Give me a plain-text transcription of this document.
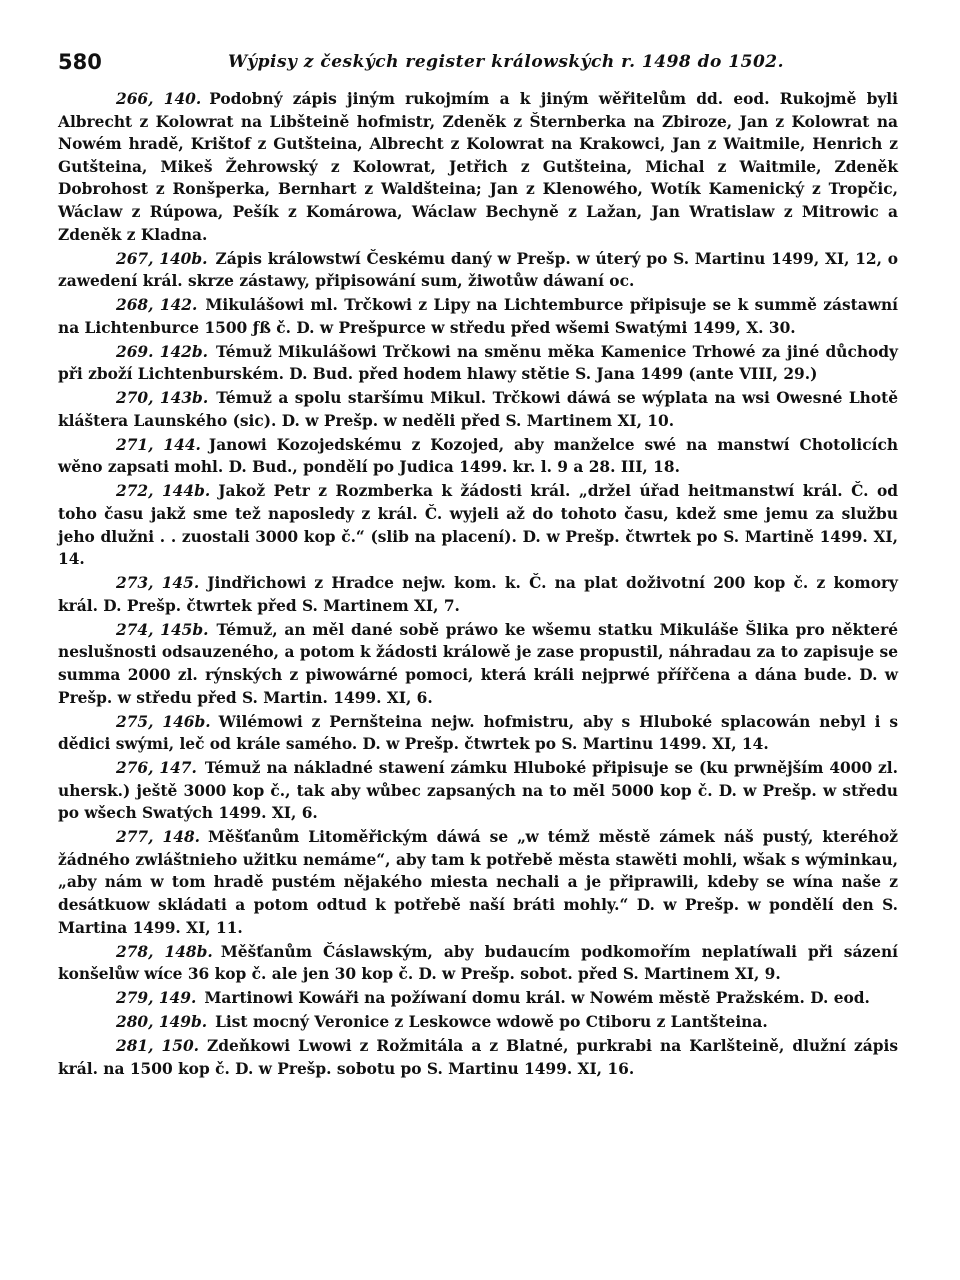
580	Wýpisy z českých register králowských r. 1498 do 1502.

266, 140. Podobný zápis jiným rukojmím a k jiným wěřitelům dd. eod. Rukojmě byli Albrecht z Kolowrat na Libšteině hofmistr, Zdeněk z Šternberka na Zbiroze, Jan z Kolowrat na Nowém hradě, Krištof z Gutšteina, Albrecht z Kolowrat na Krakowci, Jan z Waitmile, Henrich z Gutšteina, Mikeš Žehrowský z Kolowrat, Jetřich z Gutšteina, Michal z Waitmile, Zdeněk Dobrohost z Ronšperka, Bernhart z Waldšteina; Jan z Klenowého, Wotík Kamenický z Tropčic, Wáclaw z Rúpowa, Pešík z Komárowa, Wáclaw Bechyně z Lažan, Jan Wratislaw z Mitrowic a Zdeněk z Kladna.

267, 140b. Zápis králowstwí Českému daný w Prešp. w úterý po S. Martinu 1499, XI, 12, o zawedení král. skrze zástawy, připisowání sum, žiwotůw dáwaní oc.

268, 142. Mikulášowi ml. Trčkowi z Lipy na Lichtemburce připisuje se k summě zástawní na Lichtenburce 1500 ƒß č. D. w Prešpurce w středu před wšemi Swatými 1499, X. 30.

269. 142b. Témuž Mikulášowi Trčkowi na směnu měka Kamenice Trhowé za jiné důchody při zboží Lichtenburském. D. Bud. před hodem hlawy stětie S. Jana 1499 (ante VIII, 29.)

270, 143b. Témuž a spolu staršímu Mikul. Trčkowi dáwá se wýplata na wsi Owesné Lhotě kláštera Launského (sic). D. w Prešp. w neděli před S. Martinem XI, 10.

271, 144. Janowi Kozojedskému z Kozojed, aby manželce swé na manstwí Chotolicích wěno zapsati mohl. D. Bud., pondělí po Judica 1499. kr. l. 9 a 28. III, 18.

272, 144b. Jakož Petr z Rozmberka k žádosti král. „držel úřad heitmanstwí král. Č. od toho času jakž sme tež naposledy z král. Č. wyjeli až do tohoto času, kdež sme jemu za službu jeho dlužni . . zuostali 3000 kop č.“ (slib na placení). D. w Prešp. čtwrtek po S. Martině 1499. XI, 14.

273, 145. Jindřichowi z Hradce nejw. kom. k. Č. na plat doživotní 200 kop č. z komory král. D. Prešp. čtwrtek před S. Martinem XI, 7.

274, 145b. Témuž, an měl dané sobě práwo ke wšemu statku Mikuláše Šlika pro některé neslušnosti odsauzeného, a potom k žádosti králowě je zase propustil, náhradau za to zapisuje se summa 2000 zl. rýnských z piwowárné pomoci, která králi nejprwé přířčena a dána bude. D. w Prešp. w středu před S. Martin. 1499. XI, 6.

275, 146b. Wilémowi z Pernšteina nejw. hofmistru, aby s Hluboké splacowán nebyl i s dědici swými, leč od krále samého. D. w Prešp. čtwrtek po S. Martinu 1499. XI, 14.

276, 147. Témuž na nákladné stawení zámku Hluboké připisuje se (ku prwnějším 4000 zl. uhersk.) ještě 3000 kop č., tak aby wůbec zapsaných na to měl 5000 kop č. D. w Prešp. w středu po wšech Swatých 1499. XI, 6.

277, 148. Měšťanům Litoměřickým dáwá se „w témž městě zámek náš pustý, kteréhož žádného zwláštnieho užitku nemáme“, aby tam k potřebě města stawěti mohli, wšak s wýminkau, „aby nám w tom hradě pustém nějakého miesta nechali a je připrawili, kdeby se wína naše z desátkuow skládati a potom odtud k potřebě naší bráti mohly.“ D. w Prešp. w pondělí den S. Martina 1499. XI, 11.

278, 148b. Měšťanům Čáslawským, aby budaucím podkomořím neplatíwali při sázení konšelůw wíce 36 kop č. ale jen 30 kop č. D. w Prešp. sobot. před S. Martinem XI, 9.

279, 149. Martinowi Kowáři na požíwaní domu král. w Nowém městě Pražském. D. eod.

280, 149b. List mocný Veronice z Leskowce wdowě po Ctiboru z Lantšteina.

281, 150. Zdeňkowi Lwowi z Rožmitála a z Blatné, purkrabi na Karlšteině, dlužní zápis král. na 1500 kop č. D. w Prešp. sobotu po S. Martinu 1499. XI, 16.
